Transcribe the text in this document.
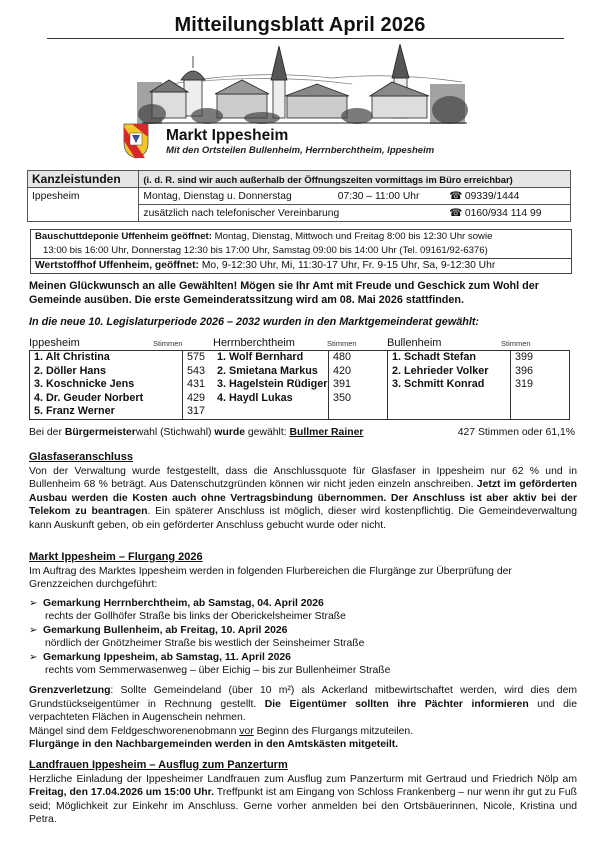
Mitteilungsblatt April 2026
Markt Ippesheim
Mit den Ortsteilen Bullenheim, Herrnberchtheim, Ippesheim
Kanzleistunden	(i. d. R. sind wir auch außerhalb der Öffnungszeiten vormittags im Büro erreichbar)		
Ippesheim	Montag, Dienstag u. Donnerstag	07:30 – 11:00 Uhr	☎ 09339/1444
	zusätzlich nach telefonischer Vereinbarung		☎ 0160/934 114 99
Bauschuttdeponie Uffenheim geöffnet: Montag, Dienstag, Mittwoch und Freitag 8:00 bis 12:30 Uhr sowie
13:00 bis 16:00 Uhr, Donnerstag 12:30 bis 17:00 Uhr, Samstag 09:00 bis 14:00 Uhr (Tel. 09161/92-6376)
Wertstoffhof Uffenheim, geöffnet: Mo, 9-12:30 Uhr, Mi, 11:30-17 Uhr, Fr. 9-15 Uhr, Sa, 9-12:30 Uhr
Meinen Glückwunsch an alle Gewählten! Mögen sie Ihr Amt mit Freude und Geschick zum Wohl der Gemeinde ausüben. Die erste Gemeinderatssitzung wird am 08. Mai 2026 stattfinden.
In die neue 10. Legislaturperiode 2026 – 2032 wurden in den Marktgemeinderat gewählt:
Ippesheim	Stimmen
1. Alt Christina	575
2. Döller Hans	543
3. Koschnicke Jens	431
4. Dr. Geuder Norbert	429
5. Franz Werner	317
Herrnberchtheim	Stimmen
1. Wolf Bernhard	480
2. Smietana Markus	420
3. Hagelstein Rüdiger 391
4. Haydl Lukas	350
Bullenheim	Stimmen
1. Schadt Stefan	399
2. Lehrieder Volker	396
3. Schmitt Konrad	319
Bei der Bürgermeisterwahl (Stichwahl) wurde gewählt: Bullmer Rainer	427 Stimmen oder 61,1%
Glasfaseranschluss
Von der Verwaltung wurde festgestellt, dass die Anschlussquote für Glasfaser in Ippesheim nur 62 % und in Bullenheim 68 % beträgt. Aus Datenschutzgründen können wir nicht jeden einzeln anschreiben. Jetzt im geförderten Ausbau werden die Kosten auch ohne Vertragsbindung übernommen. Der Anschluss ist aber aktiv bei der Telekom zu beantragen. Ein späterer Anschluss ist möglich, dieser wird kostenpflichtig. Die Gemeindeverwaltung kann Auskunft geben, ob ein geförderter Anschluss gebucht wurde oder nicht.
Markt Ippesheim – Flurgang 2026
Im Auftrag des Marktes Ippesheim werden in folgenden Flurbereichen die Flurgänge zur Überprüfung der Grenzzeichen durchgeführt:
➢ Gemarkung Herrnberchtheim, ab Samstag, 04. April 2026
rechts der Gollhöfer Straße bis links der Oberickelsheimer Straße
➢ Gemarkung Bullenheim, ab Freitag, 10. April 2026
nördlich der Gnötzheimer Straße bis westlich der Seinsheimer Straße
➢ Gemarkung Ippesheim, ab Samstag, 11. April 2026
rechts vom Semmerwasenweg – über Eichig – bis zur Bullenheimer Straße
Grenzverletzung: Sollte Gemeindeland (über 10 m²) als Ackerland mitbewirtschaftet werden, wird dies dem Grundstückseigentümer in Rechnung gestellt. Die Eigentümer sollten ihre Pächter informieren und die verpachteten Flächen in Augenschein nehmen.
Mängel sind dem Feldgeschworenenobmann vor Beginn des Flurgangs mitzuteilen.
Flurgänge in den Nachbargemeinden werden in den Amtskästen mitgeteilt.
Landfrauen Ippesheim – Ausflug zum Panzerturm
Herzliche Einladung der Ippesheimer Landfrauen zum Ausflug zum Panzerturm mit Gertraud und Friedrich Nölp am Freitag, den 17.04.2026 um 15:00 Uhr. Treffpunkt ist am Eingang von Schloss Frankenberg – nur wenn ihr gut zu Fuß seid; Möglichkeit zur Einkehr im Anschluss. Gerne vorher anmelden bei den Ortsbäuerinnen, Nicole, Kristina und Petra.
